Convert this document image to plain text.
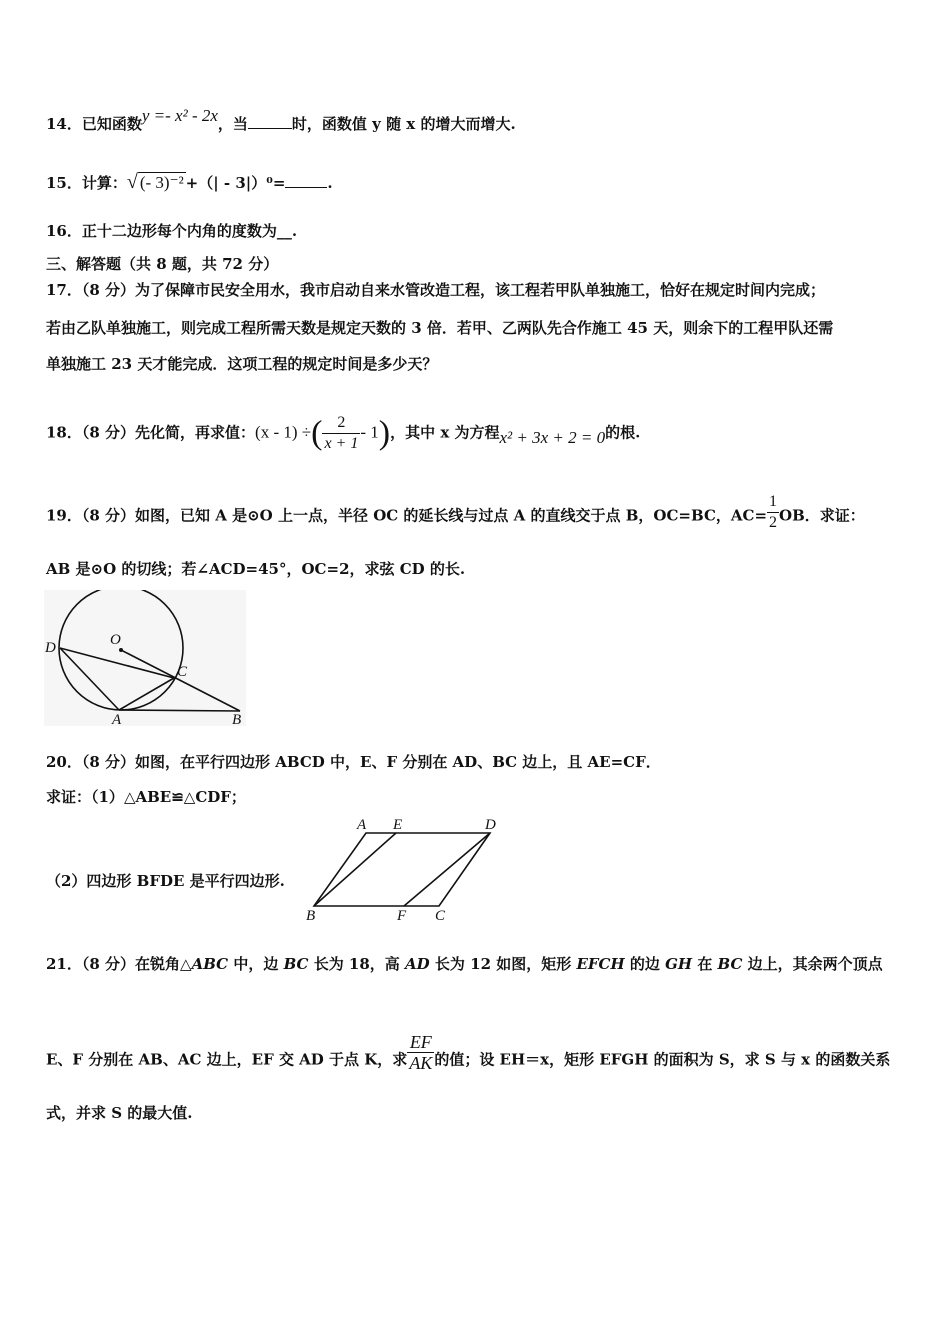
14．已知函数y =- x² - 2x，当	时，函数值 y 随 x 的增大而增大.
15．计算：√ (- 3)⁻² +（| - 3|）⁰=	.
16．正十二边形每个内角的度数为__.
三、解答题（共 8 题，共 72 分）
17．（8 分）为了保障市民安全用水，我市启动自来水管改造工程，该工程若甲队单独施工，恰好在规定时间内完成；
若由乙队单独施工，则完成工程所需天数是规定天数的 3 倍．若甲、乙两队先合作施工 45 天，则余下的工程甲队还需
单独施工 23 天才能完成．这项工程的规定时间是多少天？
18．（8 分）先化简，再求值：(x - 1) ÷( $\frac{2}{x + 1} - 1$)，其中 x 为方程x² + 3x + 2 = 0的根.
19．（8 分）如图，已知 A 是⊙O 上一点，半径 OC 的延长线与过点 A 的直线交于点 B，OC=BC，$AC= \frac{1}{2}$ OB．求证：
AB 是⊙O 的切线；若∠ACD=45°，OC=2，求弦 CD 的长.
D	O
C
A	B
20．（8 分）如图，在平行四边形 ABCD 中，E、F 分别在 AD、BC 边上，且 AE=CF．
求证：（1）△ABE≌△CDF；
（2）四边形 BFDE 是平行四边形.
A E	D
B	F C
21．（8 分）在锐角△ABC 中，边 BC 长为 18，高 AD 长为 12 如图，矩形 EFCH 的边 GH 在 BC 边上，其余两个顶点
E、F 分别在 AB、AC 边上，EF 交 AD 于点 K，求 $\frac{EF}{AK}$ 的值；设 EH＝x，矩形 EFGH 的面积为 S，求 S 与 x 的函数关系
式，并求 S 的最大值.
